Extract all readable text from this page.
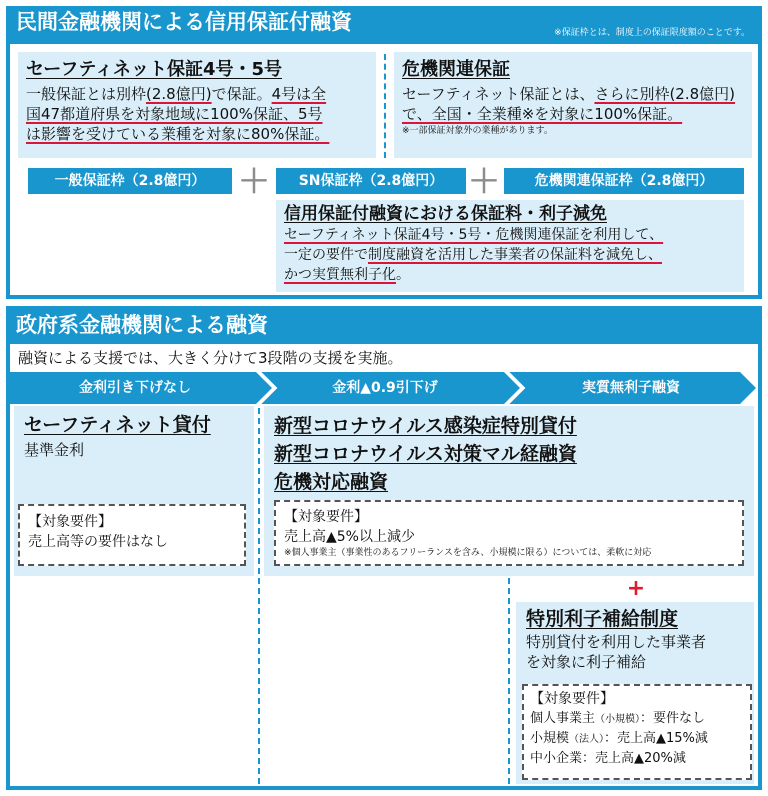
民間金融機関による信用保証付融資	※保証枠とは、制度上の保証限度額のことです。
セーフティネット保証4号・5号
一般保証とは別枠(2.8億円)で保証。4号は全
国47都道府県を対象地域に100%保証、5号
は影響を受けている業種を対象に80%保証。
危機関連保証
セーフティネット保証とは、さらに別枠(2.8億円)
で、全国・全業種※を対象に100%保証。
※一部保証対象外の業種があります。
一般保証枠（2.8億円）	＋	SN保証枠（2.8億円） ＋	危機関連保証枠（2.8億円）
信用保証付融資における保証料・利子減免
セーフティネット保証4号・5号・危機関連保証を利用して、
一定の要件で制度融資を活用した事業者の保証料を減免し、
かつ実質無利子化。
政府系金融機関による融資
融資による支援では、大きく分けて3段階の支援を実施。
金利引き下げなし	金利▲0.9引下げ	実質無利子融資
セーフティネット貸付
基準金利
【対象要件】
売上高等の要件はなし
新型コロナウイルス感染症特別貸付
新型コロナウイルス対策マル経融資
危機対応融資
【対象要件】
売上高▲5%以上減少
※個人事業主（事業性のあるフリーランスを含み、小規模に限る）については、柔軟に対応
+
特別利子補給制度
特別貸付を利用した事業者
を対象に利子補給
【対象要件】
個人事業主（小規模）：要件なし
小規模（法人）：売上高▲15%減
中小企業：売上高▲20%減
